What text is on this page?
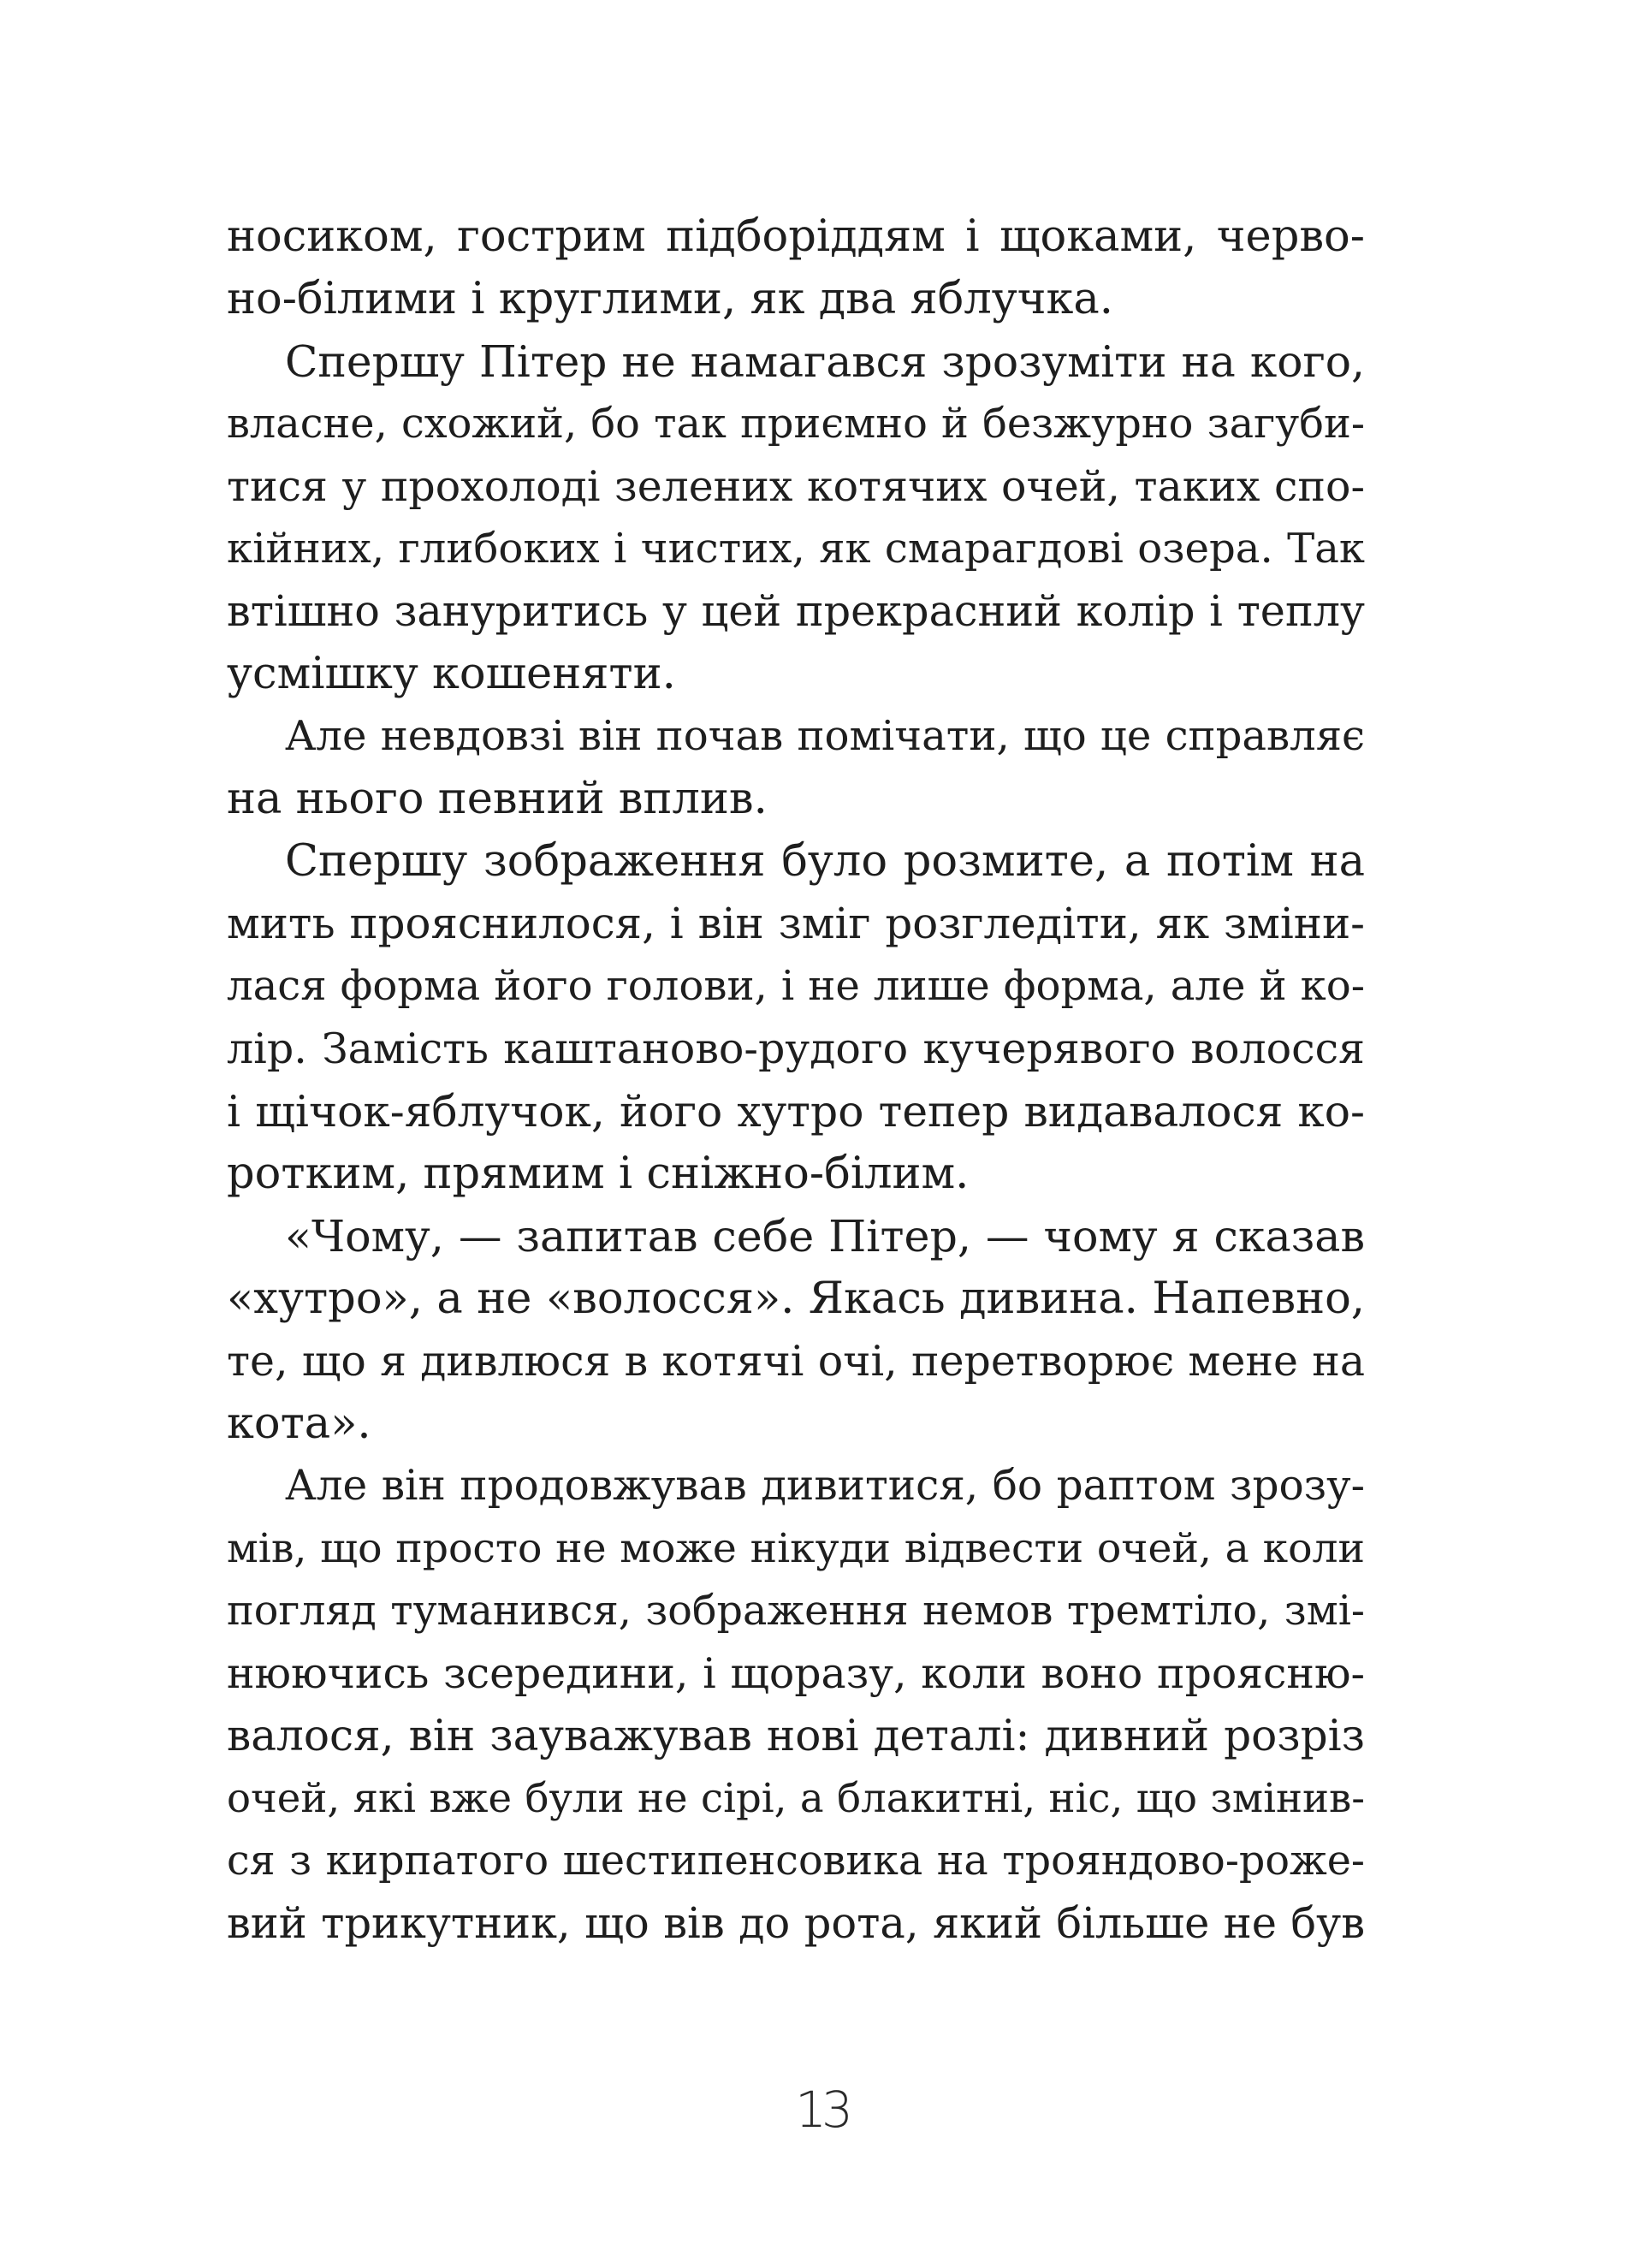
носиком, гострим підборіддям і щоками, черво-
но-білими і круглими, як два яблучка.
Спершу Пітер не намагався зрозуміти на кого,
власне, схожий, бо так приємно й безжурно загуби-
тися у прохолоді зелених котячих очей, таких спо-
кійних, глибоких і чистих, як смарагдові озера. Так
втішно зануритись у цей прекрасний колір і теплу
усмішку кошеняти.
Але невдовзі він почав помічати, що це справляє
на нього певний вплив.
Спершу зображення було розмите, а потім на
мить прояснилося, і він зміг розгледіти, як зміни-
лася форма його голови, і не лише форма, але й ко-
лір. Замість каштаново-рудого кучерявого волосся
і щічок-яблучок, його хутро тепер видавалося ко-
ротким, прямим і сніжно-білим.
«Чому, — запитав себе Пітер, — чому я сказав
«хутро», а не «волосся». Якась дивина. Напевно,
те, що я дивлюся в котячі очі, перетворює мене на
кота».
Але він продовжував дивитися, бо раптом зрозу-
мів, що просто не може нікуди відвести очей, а коли
погляд туманився, зображення немов тремтіло, змі-
нюючись зсередини, і щоразу, коли воно проясню-
валося, він зауважував нові деталі: дивний розріз
очей, які вже були не сірі, а блакитні, ніс, що змінив-
ся з кирпатого шестипенсовика на трояндово-роже-
вий трикутник, що вів до рота, який більше не був
13
